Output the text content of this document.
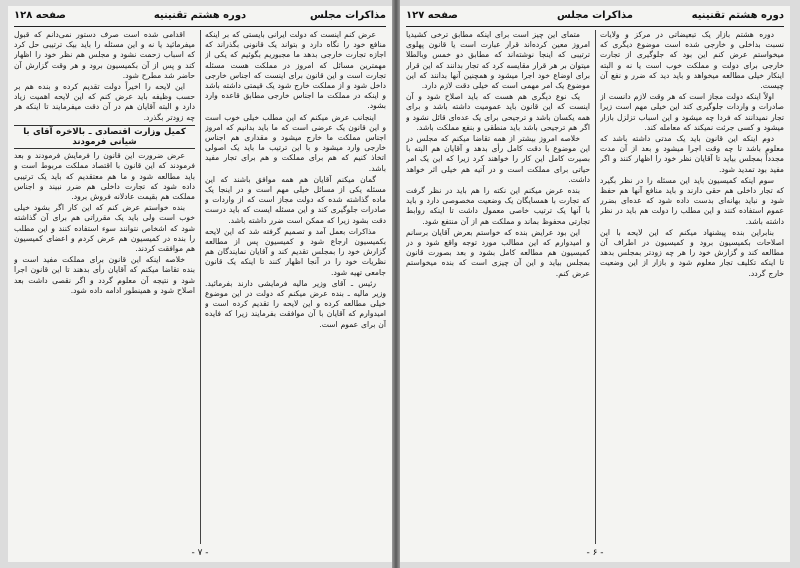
مذاکرات مجلس
دوره هشتم تقنینیه
صفحه ۱۲۸

عرض کنم اینست که دولت ایرانی بایستی که بر اینکه منافع خود را نگاه دارد و بتواند یک قانونی بگذراند که اجازه تجارت خارجی بدهد ما مجبوریم بگوئیم که یکی از مهمترین مسائل که امروز در مملکت هست مسئله تجارت است و این قانون برای اینست که اجناس خارجی داخل شود و از مملکت خارج شود یک قیمتی داشته باشد و اینکه در مملکت ما اجناس خارجی مطابق قاعده وارد بشود.

اینجانب عرض میکنم که این مطلب خیلی خوب است و این قانون یک عرضی است که ما باید بدانیم که امروز اجناس مملکت ما خارج میشود و مقداری هم اجناس خارجی وارد میشود و با این ترتیب ما باید یک اصولی اتخاذ کنیم که هم برای مملکت و هم برای تجار مفید باشد.

گمان میکنم آقایان هم همه موافق باشند که این مسئله یکی از مسائل خیلی مهم است و در اینجا یک ماده گذاشته شده که دولت مجاز است که از واردات و صادرات جلوگیری کند و این مسئله ایست که باید درست دقت بشود زیرا که ممکن است ضرر داشته باشد.

مذاکرات بعمل آمد و تصمیم گرفته شد که این لایحه بکمیسیون ارجاع شود و کمیسیون پس از مطالعه گزارش خود را بمجلس تقدیم کند و آقایان نمایندگان هم نظریات خود را در آنجا اظهار کنند تا اینکه یک قانون جامعی تهیه شود.

رئیس ـ آقای وزیر مالیه فرمایشی دارند بفرمائید. وزیر مالیه ـ بنده عرض میکنم که دولت در این موضوع خیلی مطالعه کرده و این لایحه را تقدیم کرده است و امیدوارم که آقایان با آن موافقت بفرمایند زیرا که فایده آن برای عموم است.

اقدامی شده است صرف دستور نمی‌دانم که قبول میفرمائید یا نه و این مسئله را باید بیک ترتیبی حل کرد که اسباب زحمت نشود و مجلس هم نظر خود را اظهار کند و پس از آن بکمیسیون برود و هر وقت گزارش آن حاضر شد مطرح شود.

این لایحه را اخیراً دولت تقدیم کرده و بنده هم بر حسب وظیفه باید عرض کنم که این لایحه اهمیت زیاد دارد و البته آقایان هم در آن دقت میفرمایند تا اینکه هر چه زودتر بگذرد.

کمیل وزارت اقتصادی ـ بالاخره آقای با شیانی فرمودند

عرض ضرورت این قانون را فرمایش فرمودند و بعد فرمودند که این قانون با اقتصاد مملکت مربوط است و باید مطالعه شود و ما هم معتقدیم که باید یک ترتیبی داده شود که تجارت داخلی هم ضرر نبیند و اجناس مملکت هم بقیمت عادلانه فروش برود.

بنده خواستم عرض کنم که این کار اگر بشود خیلی خوب است ولی باید یک مقرراتی هم برای آن گذاشته شود که اشخاص نتوانند سوء استفاده کنند و این مطلب را بنده در کمیسیون هم عرض کردم و اعضای کمیسیون هم موافقت کردند.

خلاصه اینکه این قانون برای مملکت مفید است و بنده تقاضا میکنم که آقایان رأی بدهند تا این قانون اجرا شود و نتیجه آن معلوم گردد و اگر نقصی داشت بعد اصلاح شود و همینطور ادامه داده شود.

- ۷ -
دوره هشتم تقنینیه
مذاکرات مجلس
صفحه ۱۲۷

دوره هشتم بازار یک تبعیضاتی در مرکز و ولایات نسبت بداخلی و خارجی شده است موضوع دیگری که میخواستم عرض کنم این بود که جلوگیری از تجارت خارجی برای دولت و مملکت خوب است یا نه و البته اینکار خیلی مطالعه میخواهد و باید دید که ضرر و نفع آن چیست.

اولاً اینکه دولت مجاز است که هر وقت لازم دانست از صادرات و واردات جلوگیری کند این خیلی مهم است زیرا تجار نمیدانند که فردا چه میشود و این اسباب تزلزل بازار میشود و کسی جرئت نمیکند که معامله کند.

دوم اینکه این قانون باید یک مدتی داشته باشد که معلوم باشد تا چه وقت اجرا میشود و بعد از آن مدت مجدداً بمجلس بیاید تا آقایان نظر خود را اظهار کنند و اگر مفید بود تمدید شود.

سوم اینکه کمیسیون باید این مسئله را در نظر بگیرد که تجار داخلی هم حقی دارند و باید منافع آنها هم حفظ شود و نباید بهانه‌ای بدست داده شود که عده‌ای بضرر عموم استفاده کنند و این مطلب را دولت هم باید در نظر داشته باشد.

بنابراین بنده پیشنهاد میکنم که این لایحه با این اصلاحات بکمیسیون برود و کمیسیون در اطراف آن مطالعه کند و گزارش خود را هر چه زودتر بمجلس بدهد تا اینکه تکلیف تجار معلوم شود و بازار از این وضعیت خارج گردد.

متمای این چیز است برای اینکه مطابق ترخی کشیدیا امروز معین کرده‌اند قرار عبارت است یا قانون پهلوی ترتیبی که اینجا نوشته‌اند که مطابق دو خمس وبالطلا میتوان بر هر قرار مقایسه کرد که تجار بدانند که این قرار برای اوضاع خود اجرا میشود و همچنین آنها بدانند که این موضوع یک امر مهمی است که خیلی دقت لازم دارد.

یک نوع دیگری هم هست که باید اصلاح شود و آن اینست که این قانون باید عمومیت داشته باشد و برای همه یکسان باشد و ترجیحی برای یک عده‌ای قائل نشود و اگر هم ترجیحی باشد باید منطقی و بنفع مملکت باشد.

خلاصه امروز بیشتر از همه تقاضا میکنم که مجلس در این موضوع با دقت کامل رأی بدهد و آقایان هم البته با بصیرت کامل این کار را خواهند کرد زیرا که این یک امر حیاتی برای مملکت است و در آتیه هم خیلی اثر خواهد داشت.

بنده عرض میکنم این نکته را هم باید در نظر گرفت که تجارت با همسایگان یک وضعیت مخصوصی دارد و باید با آنها یک ترتیب خاصی معمول داشت تا اینکه روابط تجارتی محفوظ بماند و مملکت هم از آن منتفع شود.

این بود عرایض بنده که خواستم بعرض آقایان برسانم و امیدوارم که این مطالب مورد توجه واقع شود و در کمیسیون هم مطالعه کامل بشود و بعد بصورت قانون بمجلس بیاید و این آن چیزی است که بنده میخواستم عرض کنم.

- ۶ -
